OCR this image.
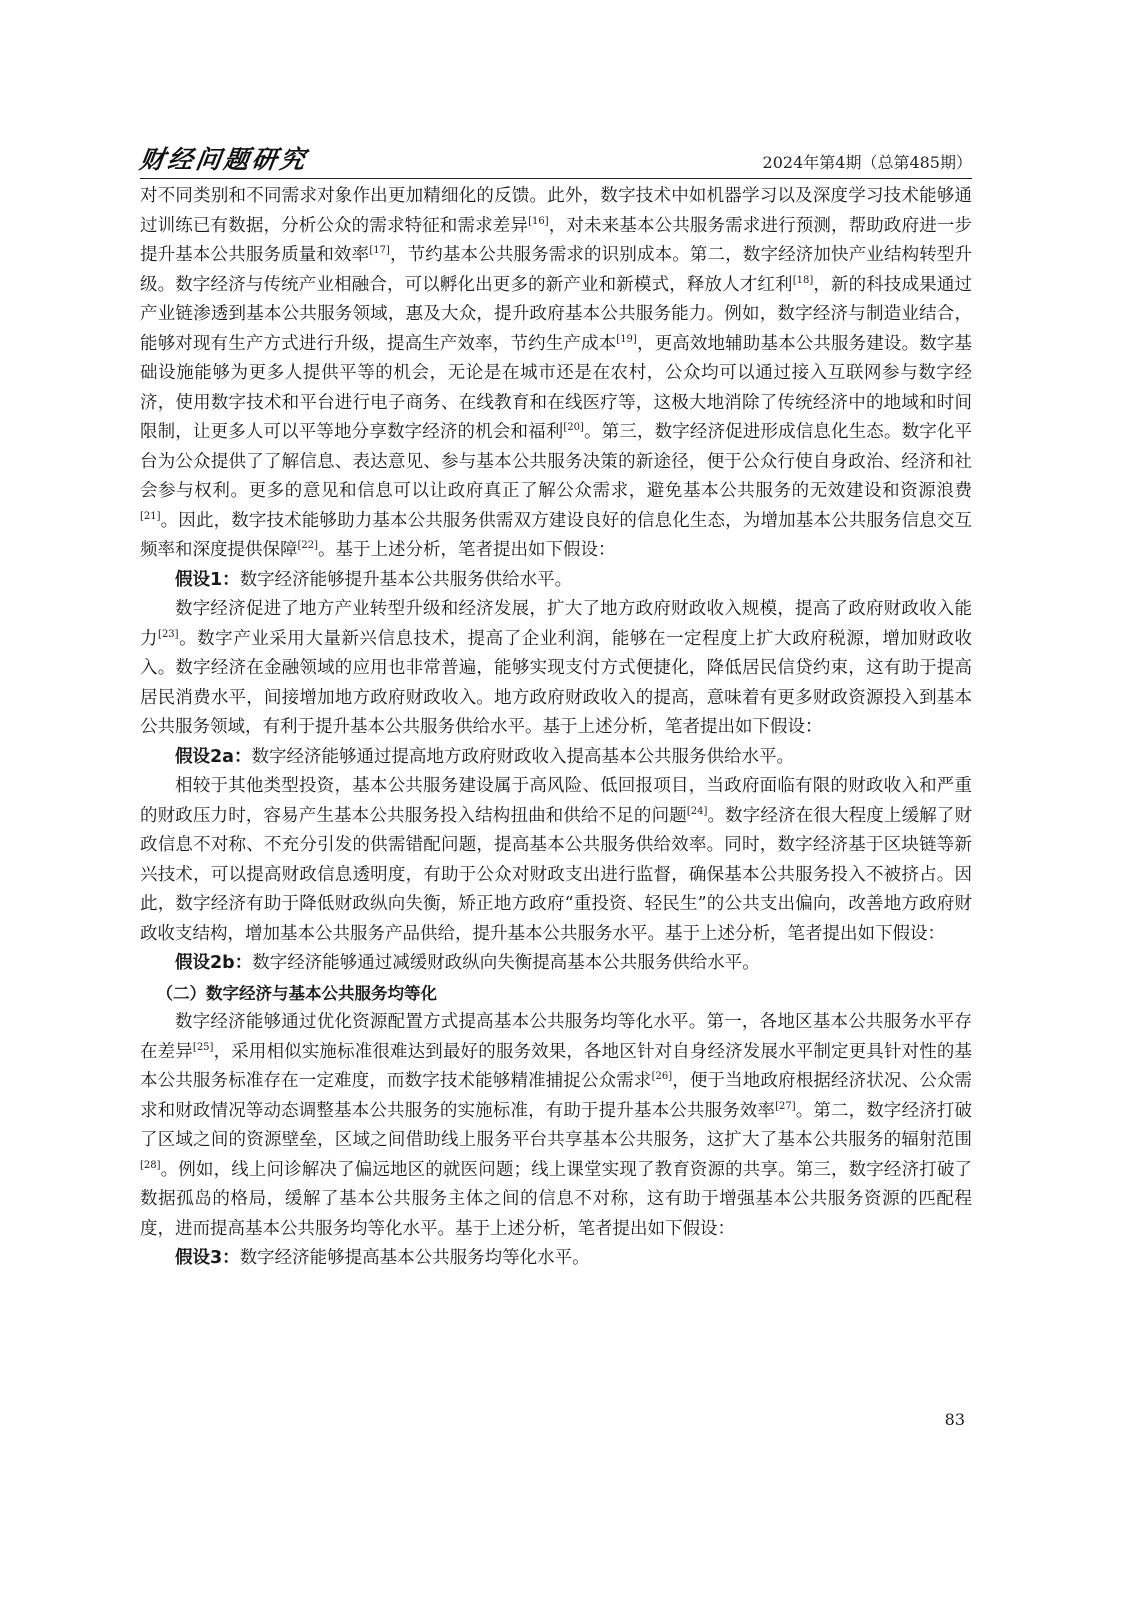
财经问题研究	2024年第4期（总第485期）

对不同类别和不同需求对象作出更加精细化的反馈。此外，数字技术中如机器学习以及深度学习技术能够通过训练已有数据，分析公众的需求特征和需求差异[16]，对未来基本公共服务需求进行预测，帮助政府进一步提升基本公共服务质量和效率[17]，节约基本公共服务需求的识别成本。第二，数字经济加快产业结构转型升级。数字经济与传统产业相融合，可以孵化出更多的新产业和新模式，释放人才红利[18]，新的科技成果通过产业链渗透到基本公共服务领域，惠及大众，提升政府基本公共服务能力。例如，数字经济与制造业结合，能够对现有生产方式进行升级，提高生产效率，节约生产成本[19]，更高效地辅助基本公共服务建设。数字基础设施能够为更多人提供平等的机会，无论是在城市还是在农村，公众均可以通过接入互联网参与数字经济，使用数字技术和平台进行电子商务、在线教育和在线医疗等，这极大地消除了传统经济中的地域和时间限制，让更多人可以平等地分享数字经济的机会和福利[20]。第三，数字经济促进形成信息化生态。数字化平台为公众提供了了解信息、表达意见、参与基本公共服务决策的新途径，便于公众行使自身政治、经济和社会参与权利。更多的意见和信息可以让政府真正了解公众需求，避免基本公共服务的无效建设和资源浪费[21]。因此，数字技术能够助力基本公共服务供需双方建设良好的信息化生态，为增加基本公共服务信息交互频率和深度提供保障[22]。基于上述分析，笔者提出如下假设：

假设1：数字经济能够提升基本公共服务供给水平。

数字经济促进了地方产业转型升级和经济发展，扩大了地方政府财政收入规模，提高了政府财政收入能力[23]。数字产业采用大量新兴信息技术，提高了企业利润，能够在一定程度上扩大政府税源，增加财政收入。数字经济在金融领域的应用也非常普遍，能够实现支付方式便捷化，降低居民信贷约束，这有助于提高居民消费水平，间接增加地方政府财政收入。地方政府财政收入的提高，意味着有更多财政资源投入到基本公共服务领域，有利于提升基本公共服务供给水平。基于上述分析，笔者提出如下假设：

假设2a：数字经济能够通过提高地方政府财政收入提高基本公共服务供给水平。

相较于其他类型投资，基本公共服务建设属于高风险、低回报项目，当政府面临有限的财政收入和严重的财政压力时，容易产生基本公共服务投入结构扭曲和供给不足的问题[24]。数字经济在很大程度上缓解了财政信息不对称、不充分引发的供需错配问题，提高基本公共服务供给效率。同时，数字经济基于区块链等新兴技术，可以提高财政信息透明度，有助于公众对财政支出进行监督，确保基本公共服务投入不被挤占。因此，数字经济有助于降低财政纵向失衡，矫正地方政府“重投资、轻民生”的公共支出偏向，改善地方政府财政收支结构，增加基本公共服务产品供给，提升基本公共服务水平。基于上述分析，笔者提出如下假设：

假设2b：数字经济能够通过减缓财政纵向失衡提高基本公共服务供给水平。

（二）数字经济与基本公共服务均等化

数字经济能够通过优化资源配置方式提高基本公共服务均等化水平。第一，各地区基本公共服务水平存在差异[25]，采用相似实施标准很难达到最好的服务效果，各地区针对自身经济发展水平制定更具针对性的基本公共服务标准存在一定难度，而数字技术能够精准捕捉公众需求[26]，便于当地政府根据经济状况、公众需求和财政情况等动态调整基本公共服务的实施标准，有助于提升基本公共服务效率[27]。第二，数字经济打破了区域之间的资源壁垒，区域之间借助线上服务平台共享基本公共服务，这扩大了基本公共服务的辐射范围[28]。例如，线上问诊解决了偏远地区的就医问题；线上课堂实现了教育资源的共享。第三，数字经济打破了数据孤岛的格局，缓解了基本公共服务主体之间的信息不对称，这有助于增强基本公共服务资源的匹配程度，进而提高基本公共服务均等化水平。基于上述分析，笔者提出如下假设：

假设3：数字经济能够提高基本公共服务均等化水平。

83
